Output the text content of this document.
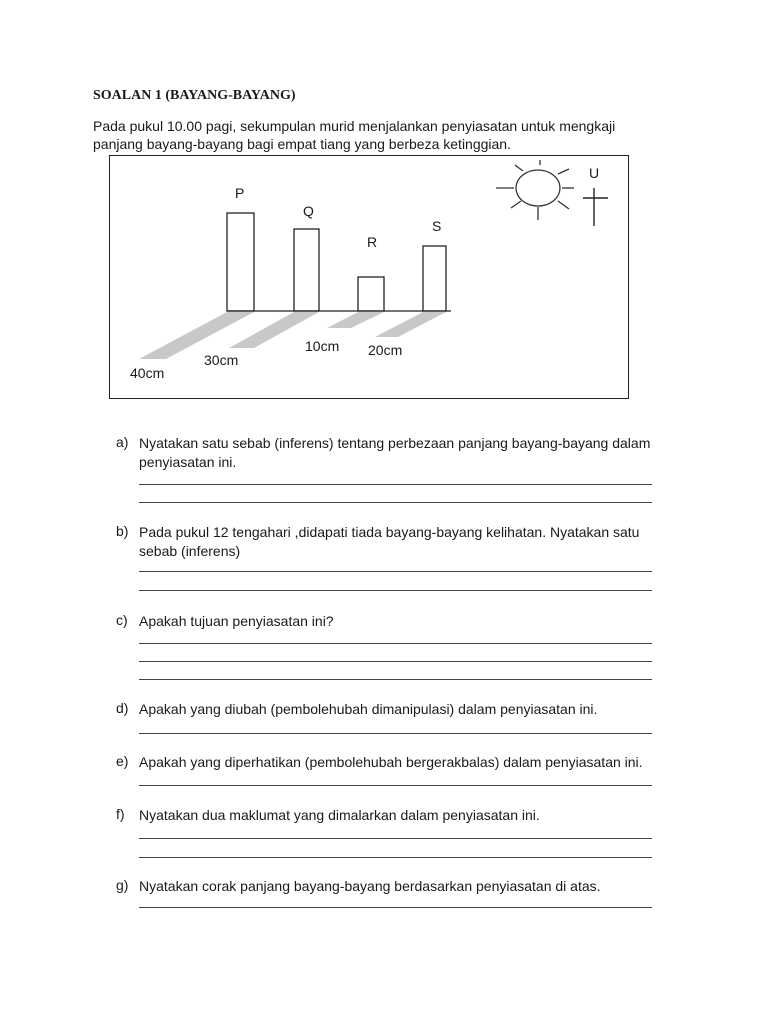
SOALAN 1 (BAYANG-BAYANG)
Pada pukul 10.00 pagi, sekumpulan murid menjalankan penyiasatan untuk mengkaji panjang bayang-bayang bagi empat tiang yang berbeza ketinggian.
P
Q
R
S
40cm
30cm
10cm 20cm
U
a) Nyatakan satu sebab (inferens) tentang perbezaan panjang bayang-bayang dalam penyiasatan ini.
b) Pada pukul 12 tengahari ,didapati tiada bayang-bayang kelihatan. Nyatakan satu sebab (inferens)
c) Apakah tujuan penyiasatan ini?
d) Apakah yang diubah (pembolehubah dimanipulasi) dalam penyiasatan ini.
e) Apakah yang diperhatikan (pembolehubah bergerakbalas) dalam penyiasatan ini.
f) Nyatakan dua maklumat yang dimalarkan dalam penyiasatan ini.
g) Nyatakan corak panjang bayang-bayang berdasarkan penyiasatan di atas.
